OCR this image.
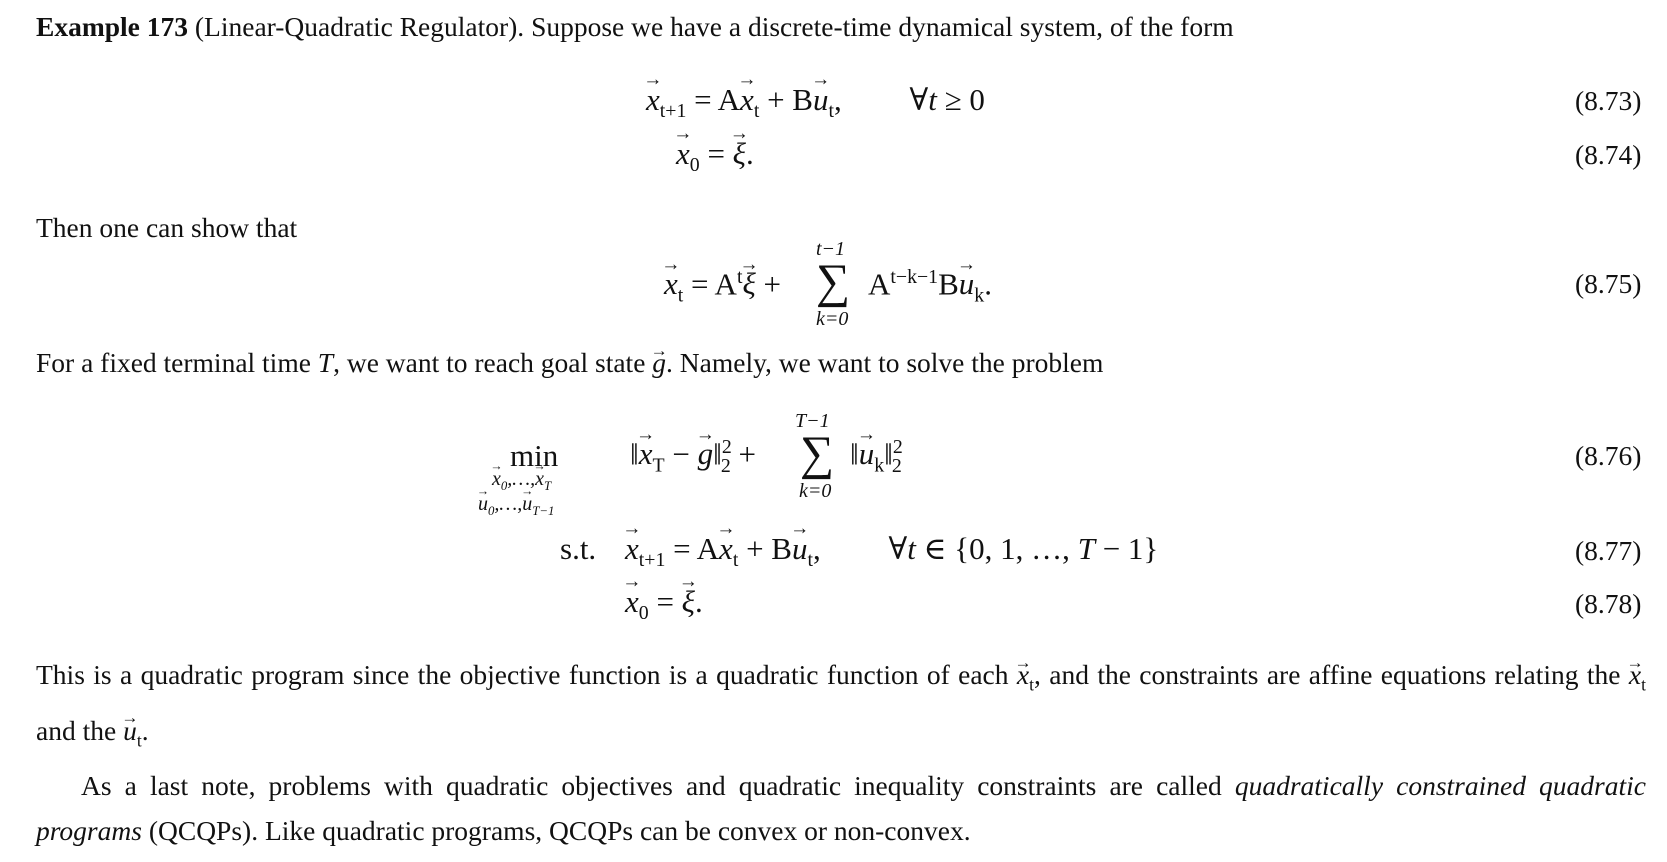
Example 173 (Linear-Quadratic Regulator). Suppose we have a discrete-time dynamical system, of the form
→ $x_{t+1} = A\to x_t + B\to u_t$, ∀t ≥ 0	(8.73)
→ $x_0$ = → ξ.	(8.74)
Then one can show that
→ $x_t = A^t\to \xi$ +
t−1
∑
k=0
$A^{t-k-1}B\to u_k$.	(8.75)
For a fixed terminal time T, we want to reach goal state → g. Namely, we want to solve the problem
min
→ $x_0,\dots,\to x_T$
→ $u_0,\dots,\to u_{T-1}$
‖→ $x_T$ − → g‖$^2_2$ +
T−1
∑
k=0
‖→ $u_k‖^2_2$	(8.76)
s.t.
→ $x_{t+1} = A\to x_t + B\to u_t$, ∀t ∈ {0, 1, …, T − 1}	(8.77)
→ $x_0$ = → ξ.	(8.78)
This is a quadratic program since the objective function is a quadratic function of each → $x_t$, and the constraints are affine equations relating the → $x_t$ and the → $u_t$.
As a last note, problems with quadratic objectives and quadratic inequality constraints are called quadratically constrained quadratic programs (QCQPs). Like quadratic programs, QCQPs can be convex or non-convex.
